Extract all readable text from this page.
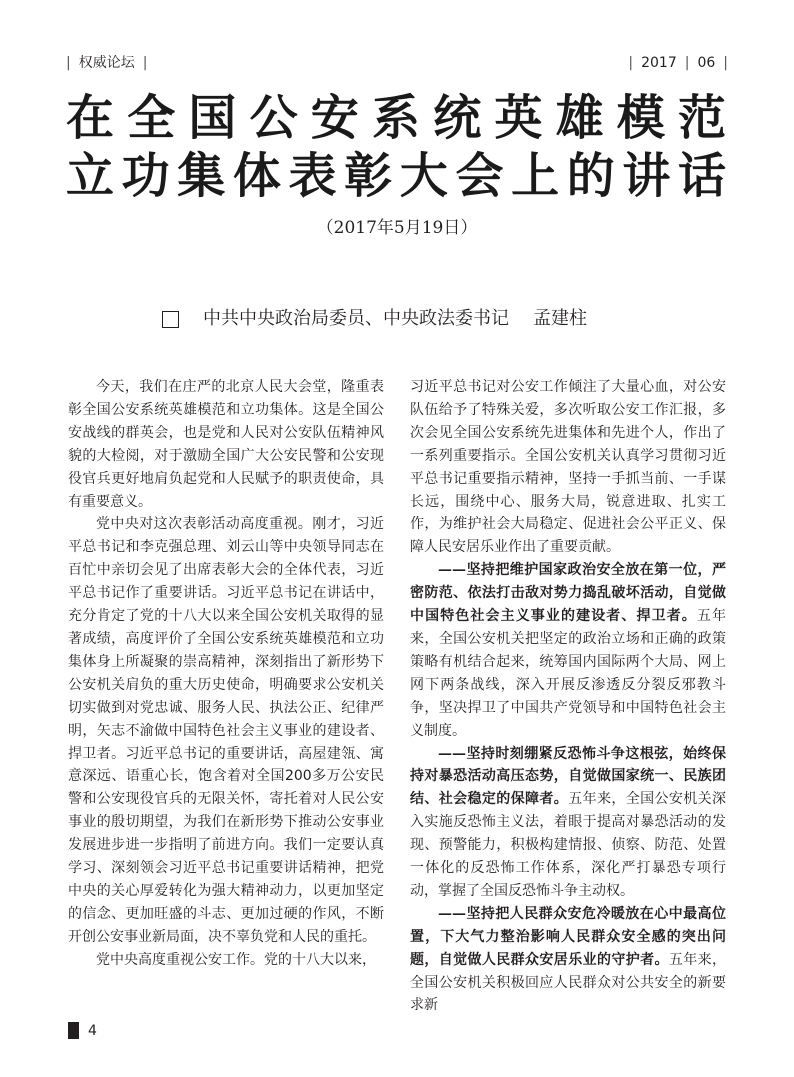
| 权威论坛 |	| 2017 | 06 |
在全国公安系统英雄模范
立功集体表彰大会上的讲话
（2017年5月19日）
中共中央政治局委员、中央政法委书记 孟建柱

今天，我们在庄严的北京人民大会堂，隆重表彰全国公安系统英雄模范和立功集体。这是全国公安战线的群英会，也是党和人民对公安队伍精神风貌的大检阅，对于激励全国广大公安民警和公安现役官兵更好地肩负起党和人民赋予的职责使命，具有重要意义。

党中央对这次表彰活动高度重视。刚才，习近平总书记和李克强总理、刘云山等中央领导同志在百忙中亲切会见了出席表彰大会的全体代表，习近平总书记作了重要讲话。习近平总书记在讲话中，充分肯定了党的十八大以来全国公安机关取得的显著成绩，高度评价了全国公安系统英雄模范和立功集体身上所凝聚的崇高精神，深刻指出了新形势下公安机关肩负的重大历史使命，明确要求公安机关切实做到对党忠诚、服务人民、执法公正、纪律严明，矢志不渝做中国特色社会主义事业的建设者、捍卫者。习近平总书记的重要讲话，高屋建瓴、寓意深远、语重心长，饱含着对全国200多万公安民警和公安现役官兵的无限关怀，寄托着对人民公安事业的殷切期望，为我们在新形势下推动公安事业发展进步进一步指明了前进方向。我们一定要认真学习、深刻领会习近平总书记重要讲话精神，把党中央的关心厚爱转化为强大精神动力，以更加坚定的信念、更加旺盛的斗志、更加过硬的作风，不断开创公安事业新局面，决不辜负党和人民的重托。

党中央高度重视公安工作。党的十八大以来，

习近平总书记对公安工作倾注了大量心血，对公安队伍给予了特殊关爱，多次听取公安工作汇报，多次会见全国公安系统先进集体和先进个人，作出了一系列重要指示。全国公安机关认真学习贯彻习近平总书记重要指示精神，坚持一手抓当前、一手谋长远，围绕中心、服务大局，锐意进取、扎实工作，为维护社会大局稳定、促进社会公平正义、保障人民安居乐业作出了重要贡献。

——坚持把维护国家政治安全放在第一位，严密防范、依法打击敌对势力捣乱破坏活动，自觉做中国特色社会主义事业的建设者、捍卫者。五年来，全国公安机关把坚定的政治立场和正确的政策策略有机结合起来，统筹国内国际两个大局、网上网下两条战线，深入开展反渗透反分裂反邪教斗争，坚决捍卫了中国共产党领导和中国特色社会主义制度。

——坚持时刻绷紧反恐怖斗争这根弦，始终保持对暴恐活动高压态势，自觉做国家统一、民族团结、社会稳定的保障者。五年来，全国公安机关深入实施反恐怖主义法，着眼于提高对暴恐活动的发现、预警能力，积极构建情报、侦察、防范、处置一体化的反恐怖工作体系，深化严打暴恐专项行动，掌握了全国反恐怖斗争主动权。

——坚持把人民群众安危冷暖放在心中最高位置，下大气力整治影响人民群众安全感的突出问题，自觉做人民群众安居乐业的守护者。五年来，全国公安机关积极回应人民群众对公共安全的新要求新

4
